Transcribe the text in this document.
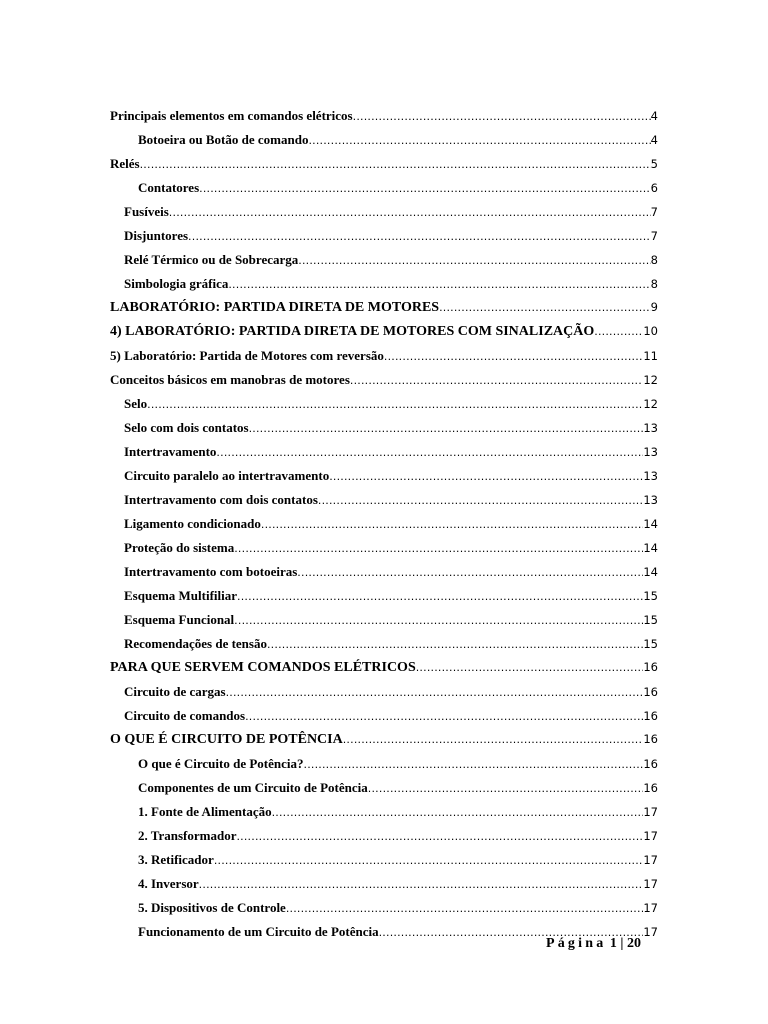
Principais elementos em comandos elétricos .....	4
Botoeira ou Botão de comando .....	4
Relés .....	5
Contatores .....	6
Fusíveis .....	7
Disjuntores .....	7
Relé Térmico ou de Sobrecarga .....	8
Simbologia gráfica .....	8
LABORATÓRIO: PARTIDA DIRETA DE MOTORES .....	9
4) LABORATÓRIO: PARTIDA DIRETA DE MOTORES COM SINALIZAÇÃO .....	10
5) Laboratório: Partida de Motores com reversão .....	11
Conceitos básicos em manobras de motores .....	12
Selo .....	12
Selo com dois contatos .....	13
Intertravamento .....	13
Circuito paralelo ao intertravamento .....	13
Intertravamento com dois contatos .....	13
Ligamento condicionado .....	14
Proteção do sistema .....	14
Intertravamento com botoeiras .....	14
Esquema Multifiliar .....	15
Esquema Funcional .....	15
Recomendações de tensão .....	15
PARA QUE SERVEM COMANDOS ELÉTRICOS .....	16
Circuito de cargas .....	16
Circuito de comandos .....	16
O QUE É CIRCUITO DE POTÊNCIA .....	16
O que é Circuito de Potência? .....	16
Componentes de um Circuito de Potência .....	16
1. Fonte de Alimentação .....	17
2. Transformador .....	17
3. Retificador .....	17
4. Inversor .....	17
5. Dispositivos de Controle .....	17
Funcionamento de um Circuito de Potência .....	17
Página 1 | 20
